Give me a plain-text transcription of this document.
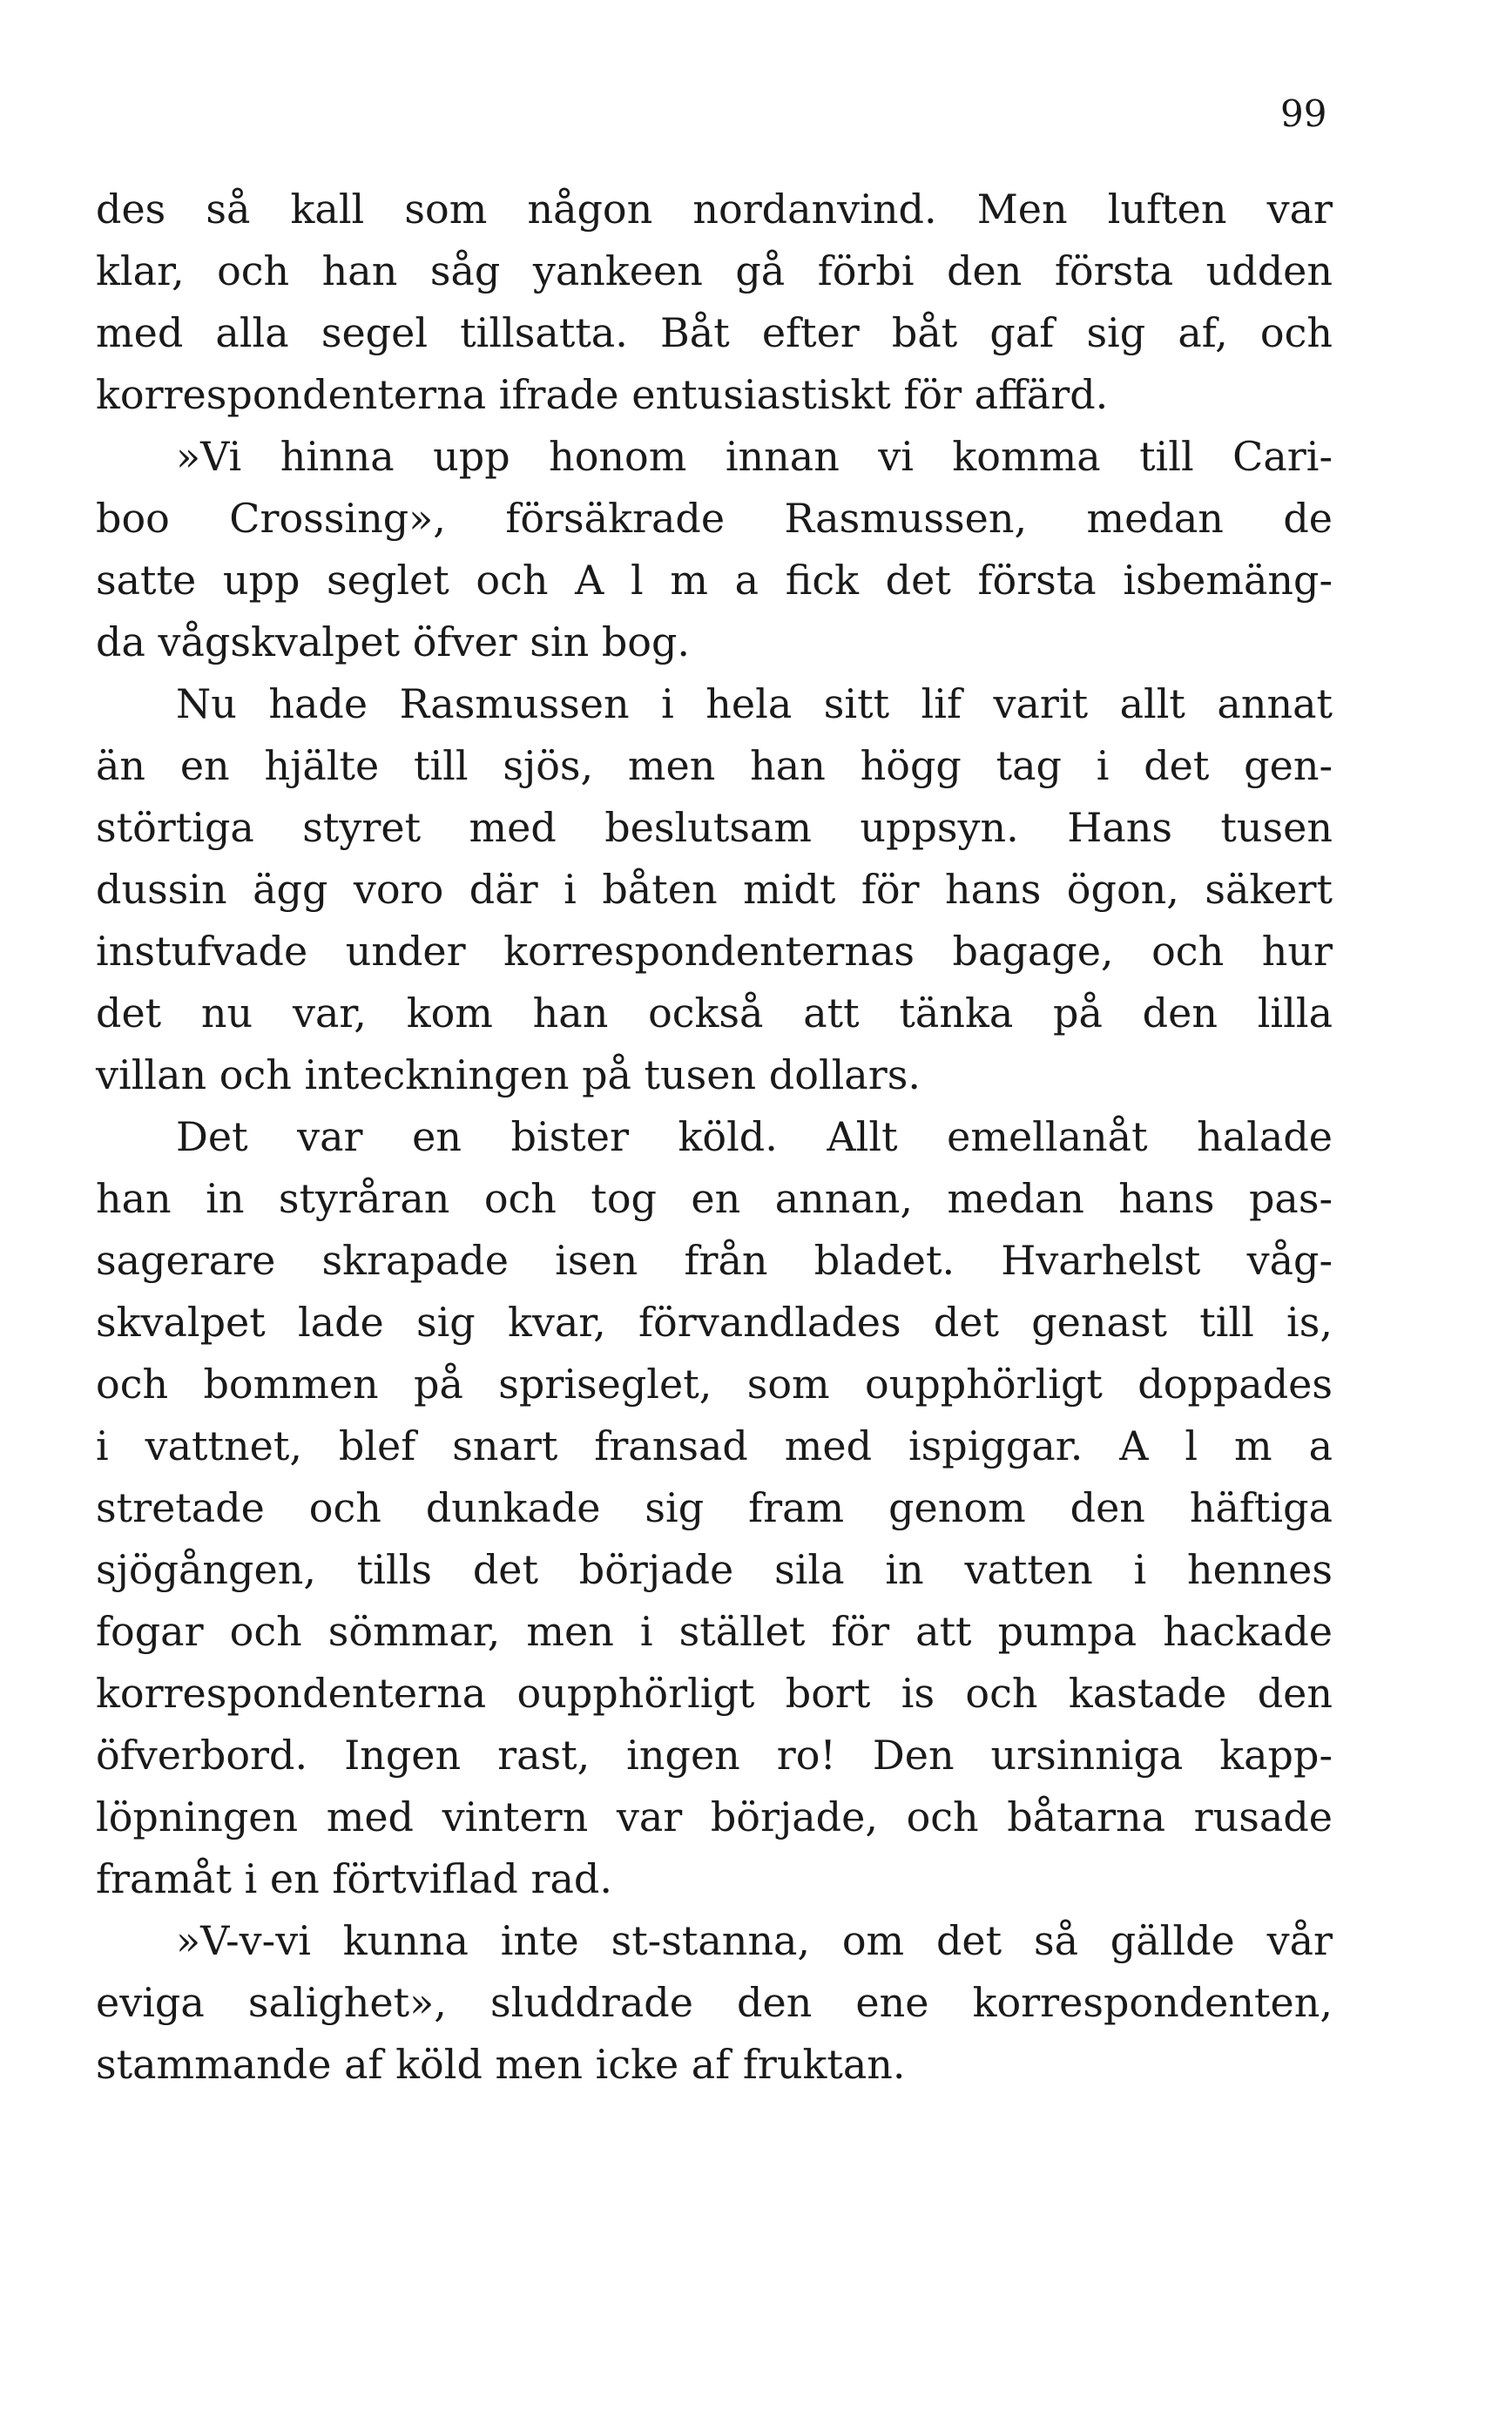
99
des så kall som någon nordanvind. Men luften var
klar, och han såg yankeen gå förbi den första udden
med alla segel tillsatta. Båt efter båt gaf sig af, och
korrespondenterna ifrade entusiastiskt för affärd.
»Vi hinna upp honom innan vi komma till Cari-
boo Crossing», försäkrade Rasmussen, medan de
satte upp seglet och A l m a fick det första isbemäng-
da vågskvalpet öfver sin bog.
Nu hade Rasmussen i hela sitt lif varit allt annat
än en hjälte till sjös, men han högg tag i det gen-
störtiga styret med beslutsam uppsyn. Hans tusen
dussin ägg voro där i båten midt för hans ögon, säkert
instufvade under korrespondenternas bagage, och hur
det nu var, kom han också att tänka på den lilla
villan och inteckningen på tusen dollars.
Det var en bister köld. Allt emellanåt halade
han in styråran och tog en annan, medan hans pas-
sagerare skrapade isen från bladet. Hvarhelst våg-
skvalpet lade sig kvar, förvandlades det genast till is,
och bommen på spriseglet, som oupphörligt doppades
i vattnet, blef snart fransad med ispiggar. A l m a
stretade och dunkade sig fram genom den häftiga
sjögången, tills det började sila in vatten i hennes
fogar och sömmar, men i stället för att pumpa hackade
korrespondenterna oupphörligt bort is och kastade den
öfverbord. Ingen rast, ingen ro! Den ursinniga kapp-
löpningen med vintern var började, och båtarna rusade
framåt i en förtviflad rad.
»V-v-vi kunna inte st-stanna, om det så gällde vår
eviga salighet», sluddrade den ene korrespondenten,
stammande af köld men icke af fruktan.
